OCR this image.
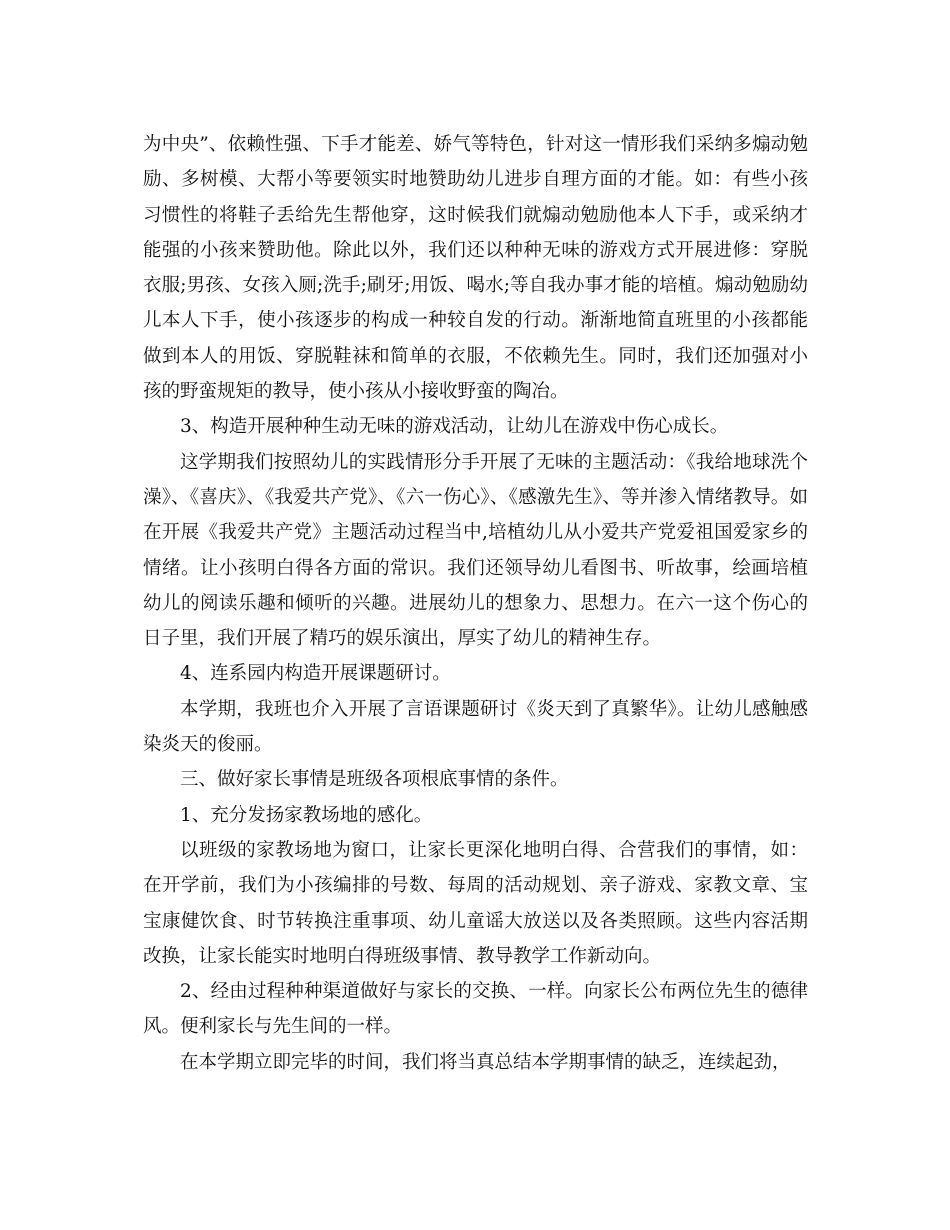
为中央”、依赖性强、下手才能差、娇气等特色，针对这一情形我们采纳多煽动勉励、多树模、大帮小等要领实时地赞助幼儿进步自理方面的才能。如：有些小孩习惯性的将鞋子丢给先生帮他穿，这时候我们就煽动勉励他本人下手，或采纳才能强的小孩来赞助他。除此以外，我们还以种种无味的游戏方式开展进修：穿脱衣服;男孩、女孩入厕;洗手;刷牙;用饭、喝水;等自我办事才能的培植。煽动勉励幼儿本人下手，使小孩逐步的构成一种较自发的行动。渐渐地简直班里的小孩都能做到本人的用饭、穿脱鞋袜和简单的衣服，不依赖先生。同时，我们还加强对小孩的野蛮规矩的教导，使小孩从小接收野蛮的陶冶。

3、构造开展种种生动无味的游戏活动，让幼儿在游戏中伤心成长。

这学期我们按照幼儿的实践情形分手开展了无味的主题活动：《我给地球洗个澡》、《喜庆》、《我爱共产党》、《六一伤心》、《感激先生》、等并渗入情绪教导。如在开展《我爱共产党》主题活动过程当中,培植幼儿从小爱共产党爱祖国爱家乡的情绪。让小孩明白得各方面的常识。我们还领导幼儿看图书、听故事，绘画培植幼儿的阅读乐趣和倾听的兴趣。进展幼儿的想象力、思想力。在六一这个伤心的日子里，我们开展了精巧的娱乐演出，厚实了幼儿的精神生存。

4、连系园内构造开展课题研讨。

本学期，我班也介入开展了言语课题研讨《炎天到了真繁华》。让幼儿感触感染炎天的俊丽。

三、做好家长事情是班级各项根底事情的条件。

1、充分发扬家教场地的感化。

以班级的家教场地为窗口，让家长更深化地明白得、合营我们的事情，如：在开学前，我们为小孩编排的号数、每周的活动规划、亲子游戏、家教文章、宝宝康健饮食、时节转换注重事项、幼儿童谣大放送以及各类照顾。这些内容活期改换，让家长能实时地明白得班级事情、教导教学工作新动向。

2、经由过程种种渠道做好与家长的交换、一样。向家长公布两位先生的德律风。便利家长与先生间的一样。

在本学期立即完毕的时间，我们将当真总结本学期事情的缺乏，连续起劲，
